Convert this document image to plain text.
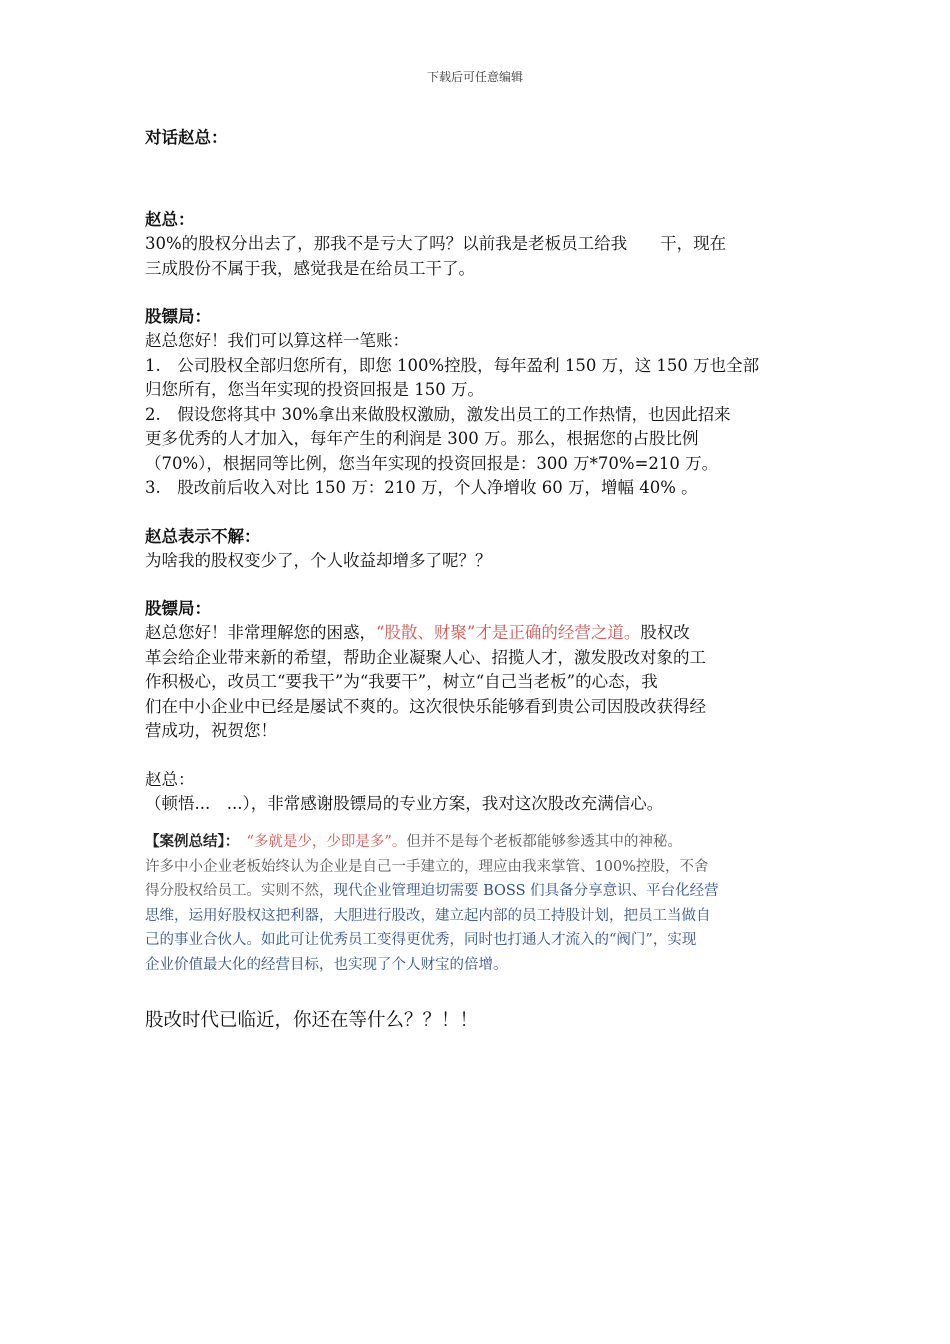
下载后可任意编辑

对话赵总：

赵总：

30%的股权分出去了，那我不是亏大了吗？以前我是老板员工给我　　干，现在

三成股份不属于我，感觉我是在给员工干了。

股镖局：

赵总您好！我们可以算这样一笔账：

1.　公司股权全部归您所有，即您 100%控股，每年盈利 150 万，这 150 万也全部

归您所有，您当年实现的投资回报是 150 万。

2.　假设您将其中 30%拿出来做股权激励，激发出员工的工作热情，也因此招来

更多优秀的人才加入，每年产生的利润是 300 万。那么，根据您的占股比例

（70%），根据同等比例，您当年实现的投资回报是：300 万*70%=210 万。

3.　股改前后收入对比 150 万：210 万，个人净增收 60 万，增幅 40% 。

赵总表示不解：

为啥我的股权变少了，个人收益却增多了呢？？

股镖局：

赵总您好！非常理解您的困惑，“股散、财聚”才是正确的经营之道。股权改

革会给企业带来新的希望，帮助企业凝聚人心、招揽人才，激发股改对象的工

作积极心，改员工“要我干”为“我要干”，树立“自己当老板”的心态，我

们在中小企业中已经是屡试不爽的。这次很快乐能够看到贵公司因股改获得经

营成功，祝贺您！

赵总：

（顿悟...　...），非常感谢股镖局的专业方案，我对这次股改充满信心。

【案例总结】：　“多就是少，少即是多”。但并不是每个老板都能够参透其中的神秘。

许多中小企业老板始终认为企业是自己一手建立的，理应由我来掌管、100%控股，不舍

得分股权给员工。实则不然，现代企业管理迫切需要 BOSS 们具备分享意识、平台化经营

思维，运用好股权这把利器，大胆进行股改，建立起内部的员工持股计划，把员工当做自

己的事业合伙人。如此可让优秀员工变得更优秀，同时也打通人才流入的“阀门”，实现

企业价值最大化的经营目标，也实现了个人财宝的倍增。

股改时代已临近，你还在等什么？？！！
